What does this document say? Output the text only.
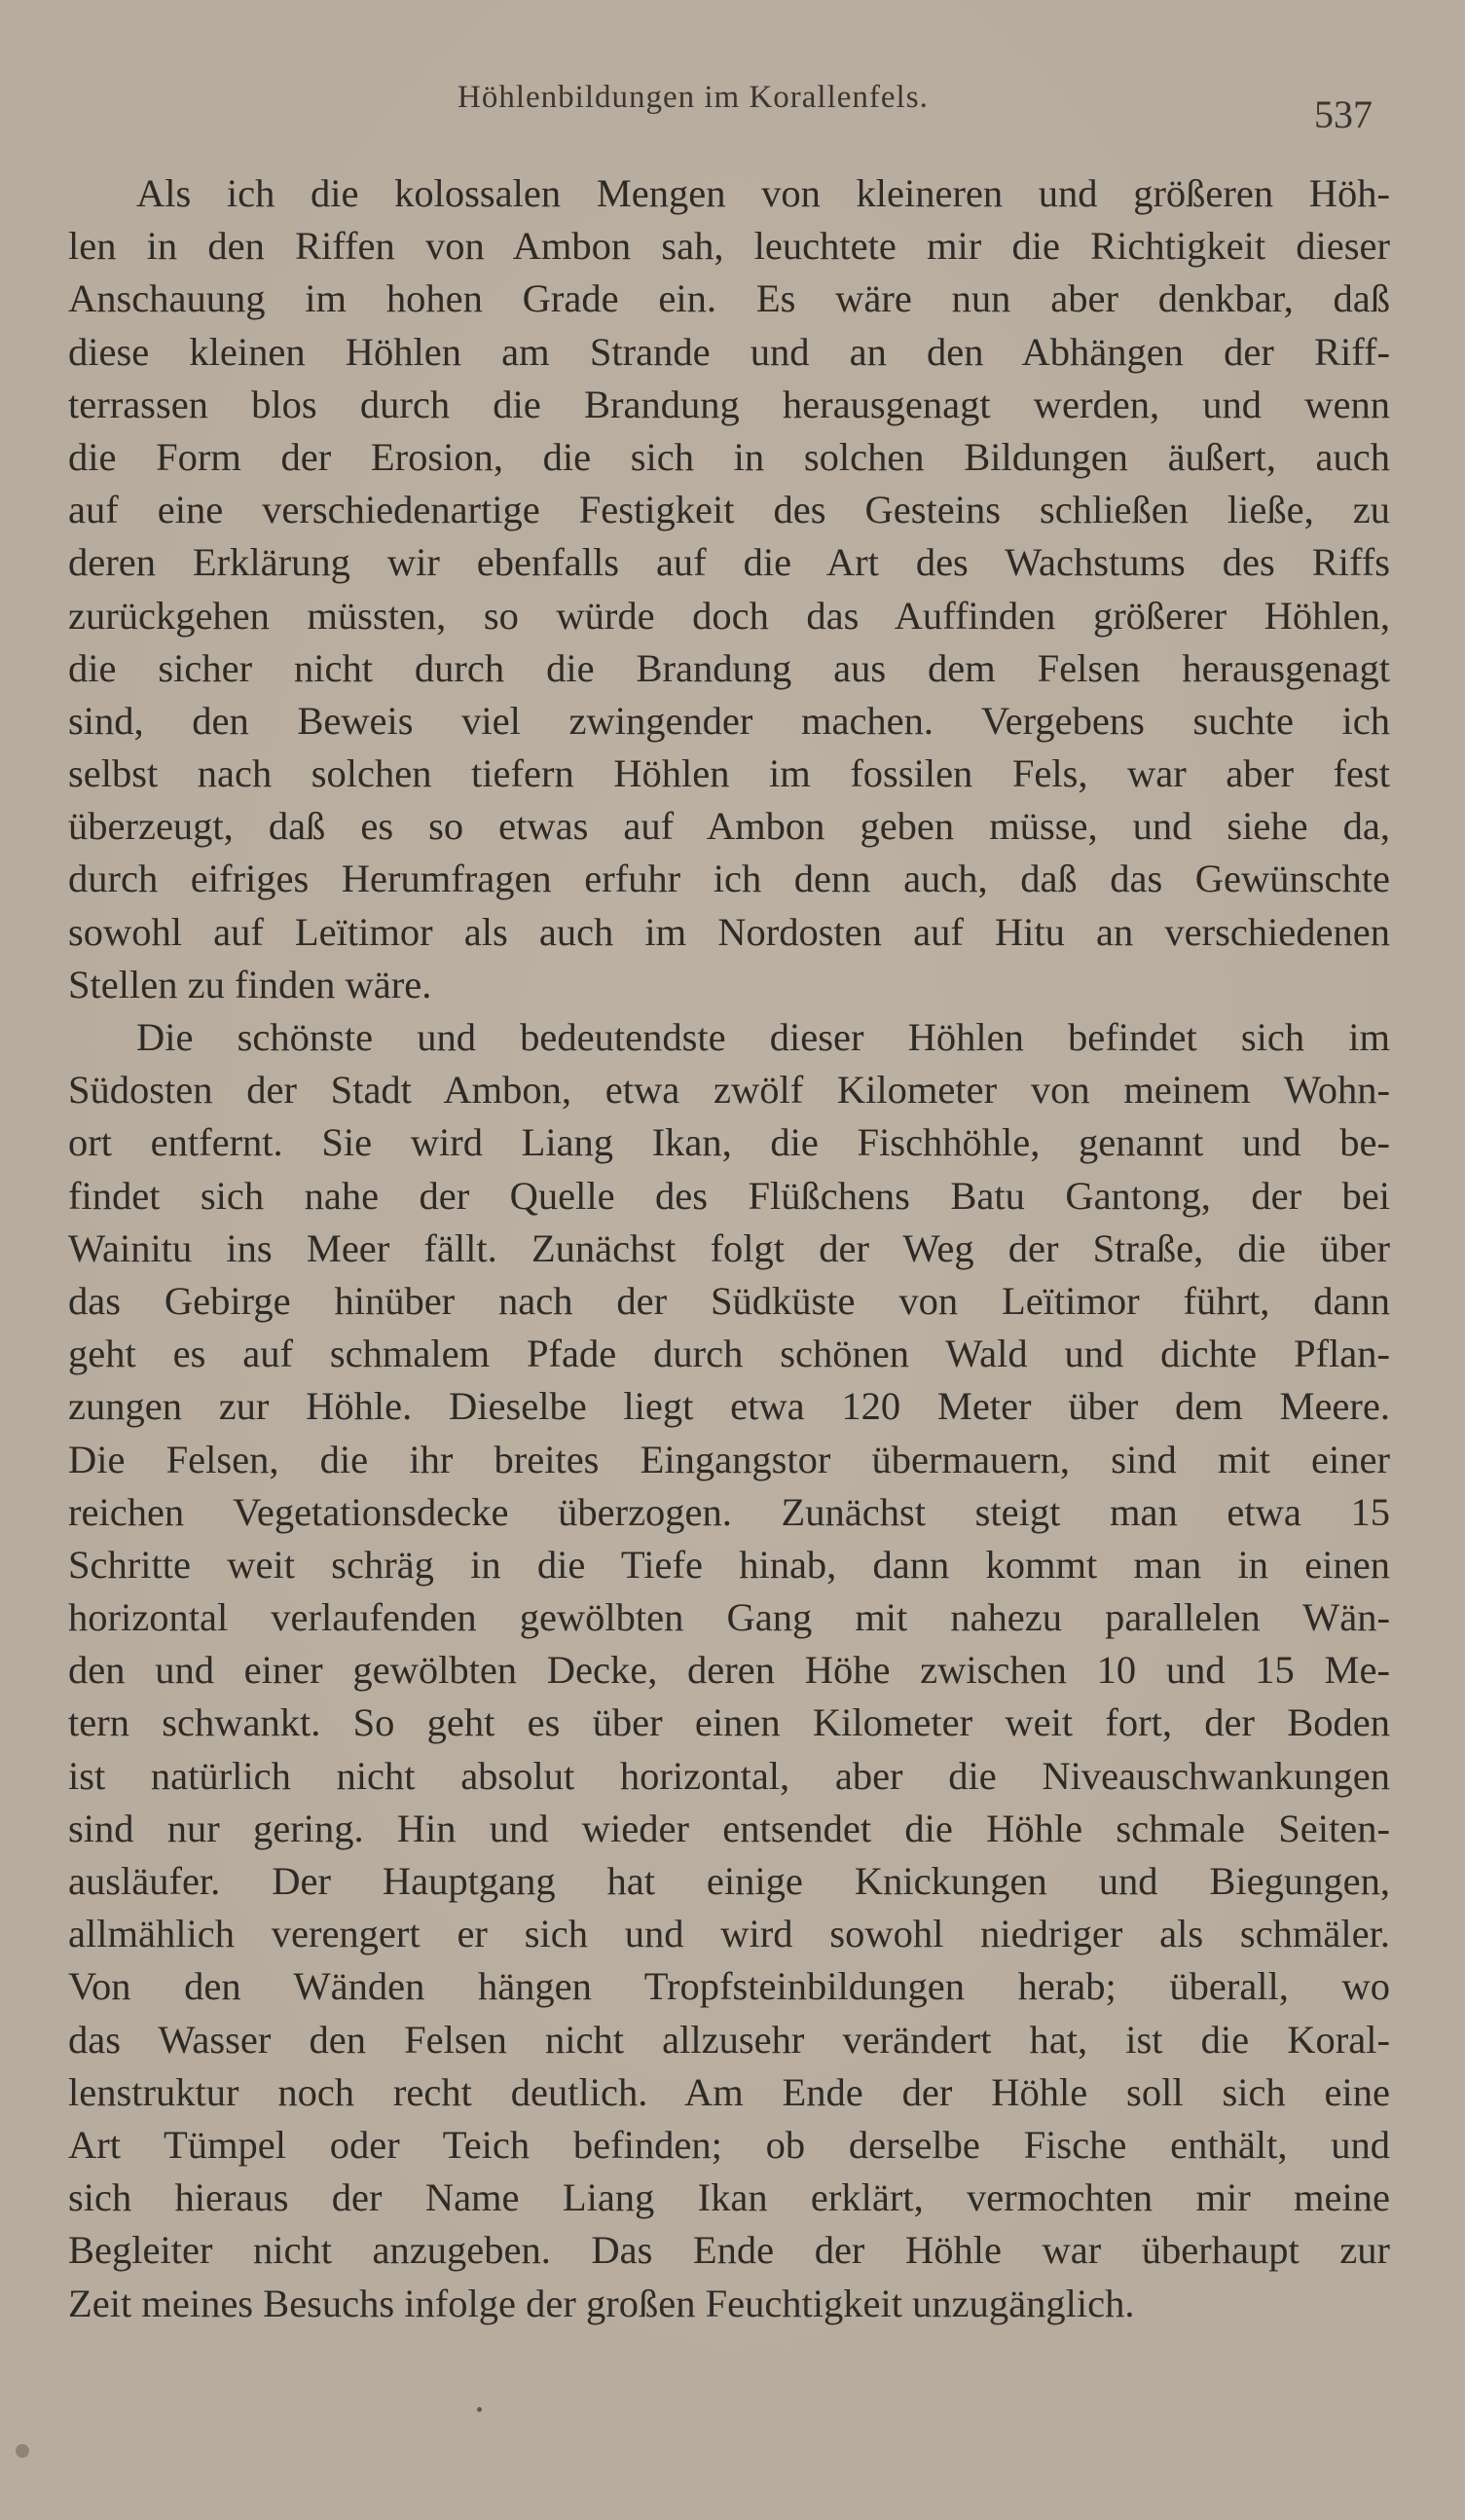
Höhlenbildungen im Korallenfels.	537
Als ich die kolossalen Mengen von kleineren und größeren Höh-
len in den Riffen von Ambon sah, leuchtete mir die Richtigkeit dieser
Anschauung im hohen Grade ein. Es wäre nun aber denkbar, daß
diese kleinen Höhlen am Strande und an den Abhängen der Riff-
terrassen blos durch die Brandung herausgenagt werden, und wenn
die Form der Erosion, die sich in solchen Bildungen äußert, auch
auf eine verschiedenartige Festigkeit des Gesteins schließen ließe, zu
deren Erklärung wir ebenfalls auf die Art des Wachstums des Riffs
zurückgehen müssten, so würde doch das Auffinden größerer Höhlen,
die sicher nicht durch die Brandung aus dem Felsen herausgenagt
sind, den Beweis viel zwingender machen. Vergebens suchte ich
selbst nach solchen tiefern Höhlen im fossilen Fels, war aber fest
überzeugt, daß es so etwas auf Ambon geben müsse, und siehe da,
durch eifriges Herumfragen erfuhr ich denn auch, daß das Gewünschte
sowohl auf Leïtimor als auch im Nordosten auf Hitu an verschiedenen
Stellen zu finden wäre.
Die schönste und bedeutendste dieser Höhlen befindet sich im
Südosten der Stadt Ambon, etwa zwölf Kilometer von meinem Wohn-
ort entfernt. Sie wird Liang Ikan, die Fischhöhle, genannt und be-
findet sich nahe der Quelle des Flüßchens Batu Gantong, der bei
Wainitu ins Meer fällt. Zunächst folgt der Weg der Straße, die über
das Gebirge hinüber nach der Südküste von Leïtimor führt, dann
geht es auf schmalem Pfade durch schönen Wald und dichte Pflan-
zungen zur Höhle. Dieselbe liegt etwa 120 Meter über dem Meere.
Die Felsen, die ihr breites Eingangstor übermauern, sind mit einer
reichen Vegetationsdecke überzogen. Zunächst steigt man etwa 15
Schritte weit schräg in die Tiefe hinab, dann kommt man in einen
horizontal verlaufenden gewölbten Gang mit nahezu parallelen Wän-
den und einer gewölbten Decke, deren Höhe zwischen 10 und 15 Me-
tern schwankt. So geht es über einen Kilometer weit fort, der Boden
ist natürlich nicht absolut horizontal, aber die Niveauschwankungen
sind nur gering. Hin und wieder entsendet die Höhle schmale Seiten-
ausläufer. Der Hauptgang hat einige Knickungen und Biegungen,
allmählich verengert er sich und wird sowohl niedriger als schmäler.
Von den Wänden hängen Tropfsteinbildungen herab; überall, wo
das Wasser den Felsen nicht allzusehr verändert hat, ist die Koral-
lenstruktur noch recht deutlich. Am Ende der Höhle soll sich eine
Art Tümpel oder Teich befinden; ob derselbe Fische enthält, und
sich hieraus der Name Liang Ikan erklärt, vermochten mir meine
Begleiter nicht anzugeben. Das Ende der Höhle war überhaupt zur
Zeit meines Besuchs infolge der großen Feuchtigkeit unzugänglich.
